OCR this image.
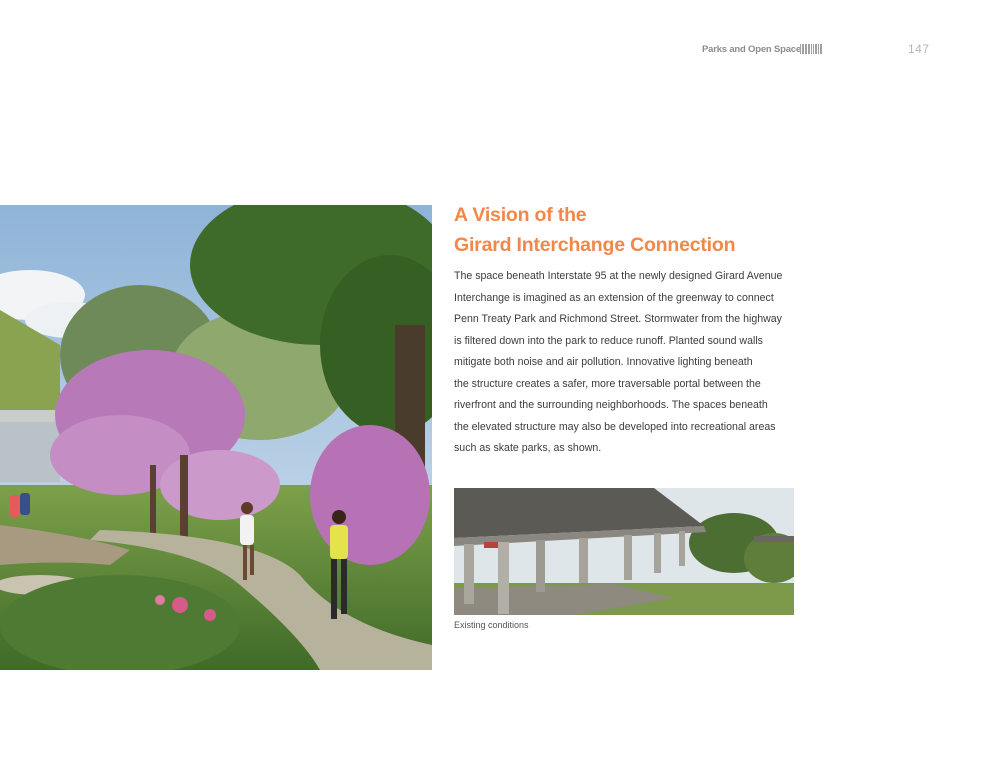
Parks and Open Space	147
A Vision of the
Girard Interchange Connection
The space beneath Interstate 95 at the newly designed Girard Avenue
Interchange is imagined as an extension of the greenway to connect
Penn Treaty Park and Richmond Street. Stormwater from the highway
is filtered down into the park to reduce runoff. Planted sound walls
mitigate both noise and air pollution. Innovative lighting beneath
the structure creates a safer, more traversable portal between the
riverfront and the surrounding neighborhoods. The spaces beneath
the elevated structure may also be developed into recreational areas
such as skate parks, as shown.
Existing conditions
